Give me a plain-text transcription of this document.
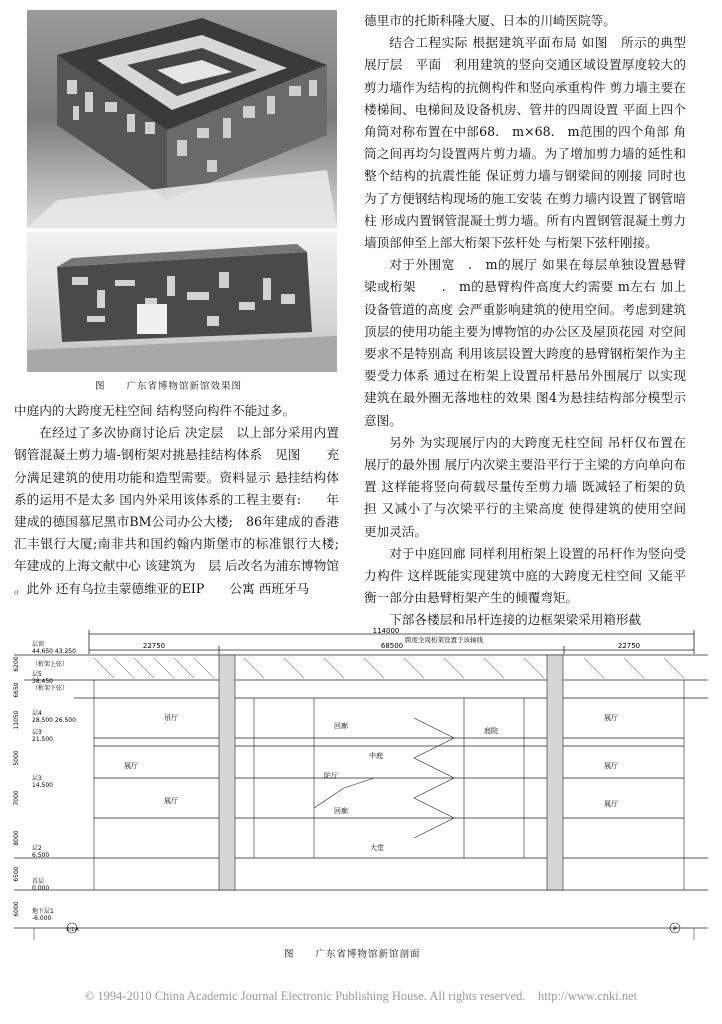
图　　广东省博物馆新馆效果图

中庭内的大跨度无柱空间 结构竖向构件不能过多。

在经过了多次协商讨论后 决定层　以上部分采用内置钢管混凝土剪力墙-钢桁架对挑悬挂结构体系　见图　　充分满足建筑的使用功能和造型需要。资料显示 悬挂结构体系的运用不是太多 国内外采用该体系的工程主要有:　　年建成的德国慕尼黑市BM公司办公大楼;　86年建成的香港汇丰银行大厦;南非共和国约翰内斯堡市的标准银行大楼;　　年建成的上海文献中心 该建筑为　层 后改名为浦东博物馆 。此外 还有乌拉圭蒙德维亚的EIP　　公寓 西班牙马

德里市的托斯科隆大厦、日本的川崎医院等。

结合工程实际 根据建筑平面布局 如图　所示的典型展厅层　平面　利用建筑的竖向交通区域设置厚度较大的剪力墙作为结构的抗侧构件和竖向承重构件 剪力墙主要在楼梯间、电梯间及设备机房、管井的四周设置 平面上四个角筒对称布置在中部68.　m×68.　m范围的四个角部 角筒之间再均匀设置两片剪力墙。为了增加剪力墙的延性和整个结构的抗震性能 保证剪力墙与钢梁间的刚接 同时也为了方便钢结构现场的施工安装 在剪力墙内设置了钢管暗柱 形成内置钢管混凝土剪力墙。所有内置钢管混凝土剪力墙顶部伸至上部大桁架下弦杆处 与桁架下弦杆刚接。

对于外围宽　.　m的展厅 如果在每层单独设置悬臂梁或桁架　　.　m的悬臂构件高度大约需要 m左右 加上设备管道的高度 会严重影响建筑的使用空间。考虑到建筑顶层的使用功能主要为博物馆的办公区及屋顶花园 对空间要求不是特别高 利用该层设置大跨度的悬臂钢桁架作为主要受力体系 通过在桁架上设置吊杆悬吊外围展厅 以实现建筑在最外圈无落地柱的效果 图4为悬挂结构部分模型示意图。

另外 为实现展厅内的大跨度无柱空间 吊杆仅布置在展厅的最外围 展厅内次梁主要沿平行于主梁的方向单向布置 这样能将竖向荷载尽量传至剪力墙 既减轻了桁架的负担 又减小了与次梁平行的主梁高度 使得建筑的使用空间更加灵活。

对于中庭回廊 同样利用桁架上设置的吊杆作为竖向受力构件 这样既能实现建筑中庭的大跨度无柱空间 又能平衡一部分由悬臂桁架产生的倾覆弯矩。

下部各楼层和吊杆连接的边框架梁采用箱形截

114000
22750	68500	22750
跨度全周桁架设置于该轴线
①①A	P
层顶
44.650 43.250
（桁架上弦）
层5
38.450
（桁架下弦）
层4
28.500 26.500
层3
21.500
层3
14.500
层2
6.500
首层
0.000
地下层1
-6.000
6200
6650
11050
5000
7000
8000
6500
6000
吊厅
展厅
展厅
展厅
展厅
展厅
回廊
回廊
陀厅
中庭
庭院
大堂
图　　广东省博物馆新馆剖面
© 1994-2010 China Academic Journal Electronic Publishing House. All rights reserved.　http://www.cnki.net
